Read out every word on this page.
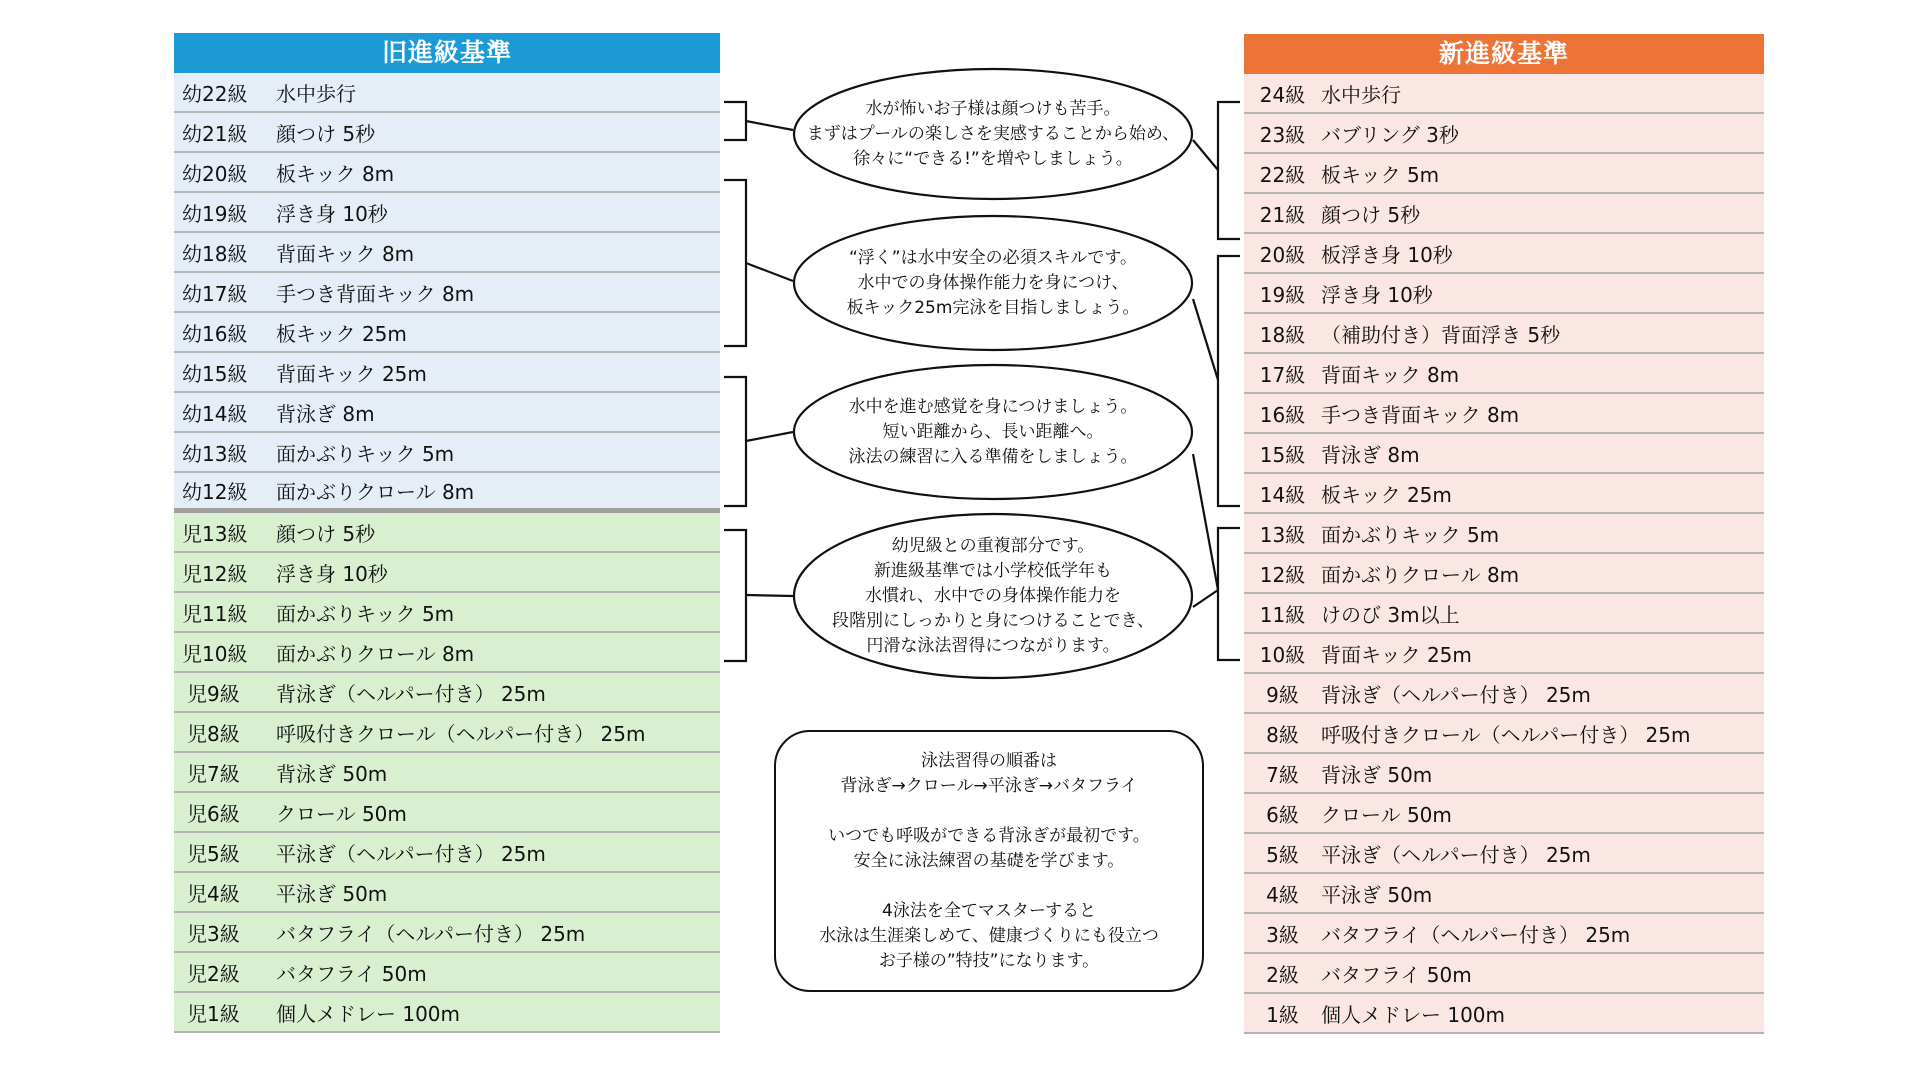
旧進級基準
幼22級	水中歩行
幼21級	顔つけ 5秒
幼20級	板キック 8m
幼19級	浮き身 10秒
幼18級	背面キック 8m
幼17級	手つき背面キック 8m
幼16級	板キック 25m
幼15級	背面キック 25m
幼14級	背泳ぎ 8m
幼13級	面かぶりキック 5m
幼12級	面かぶりクロール 8m
児13級	顔つけ 5秒
児12級	浮き身 10秒
児11級	面かぶりキック 5m
児10級	面かぶりクロール 8m
児9級	背泳ぎ（ヘルパー付き） 25m
児8級	呼吸付きクロール（ヘルパー付き） 25m
児7級	背泳ぎ 50m
児6級	クロール 50m
児5級	平泳ぎ（ヘルパー付き） 25m
児4級	平泳ぎ 50m
児3級	バタフライ（ヘルパー付き） 25m
児2級	バタフライ 50m
児1級	個人メドレー 100m
新進級基準
24級 水中歩行
23級 バブリング 3秒
22級 板キック 5m
21級 顔つけ 5秒
20級 板浮き身 10秒
19級 浮き身 10秒
18級 （補助付き）背面浮き 5秒
17級 背面キック 8m
16級 手つき背面キック 8m
15級 背泳ぎ 8m
14級 板キック 25m
13級 面かぶりキック 5m
12級 面かぶりクロール 8m
11級 けのび 3m以上
10級 背面キック 25m
9級	背泳ぎ（ヘルパー付き） 25m
8級	呼吸付きクロール（ヘルパー付き） 25m
7級	背泳ぎ 50m
6級	クロール 50m
5級	平泳ぎ（ヘルパー付き） 25m
4級	平泳ぎ 50m
3級	バタフライ（ヘルパー付き） 25m
2級	バタフライ 50m
1級	個人メドレー 100m
水が怖いお子様は顔つけも苦手。
まずはプールの楽しさを実感することから始め、
徐々に“できる!”を増やしましょう。
“浮く”は水中安全の必須スキルです。
水中での身体操作能力を身につけ、
板キック25m完泳を目指しましょう。
水中を進む感覚を身につけましょう。
短い距離から、長い距離へ。
泳法の練習に入る準備をしましょう。
幼児級との重複部分です。
新進級基準では小学校低学年も
水慣れ、水中での身体操作能力を
段階別にしっかりと身につけることでき、
円滑な泳法習得につながります。
泳法習得の順番は
背泳ぎ→クロール→平泳ぎ→バタフライ
いつでも呼吸ができる背泳ぎが最初です。
安全に泳法練習の基礎を学びます。
4泳法を全てマスターすると
水泳は生涯楽しめて、健康づくりにも役立つ
お子様の”特技”になります。
